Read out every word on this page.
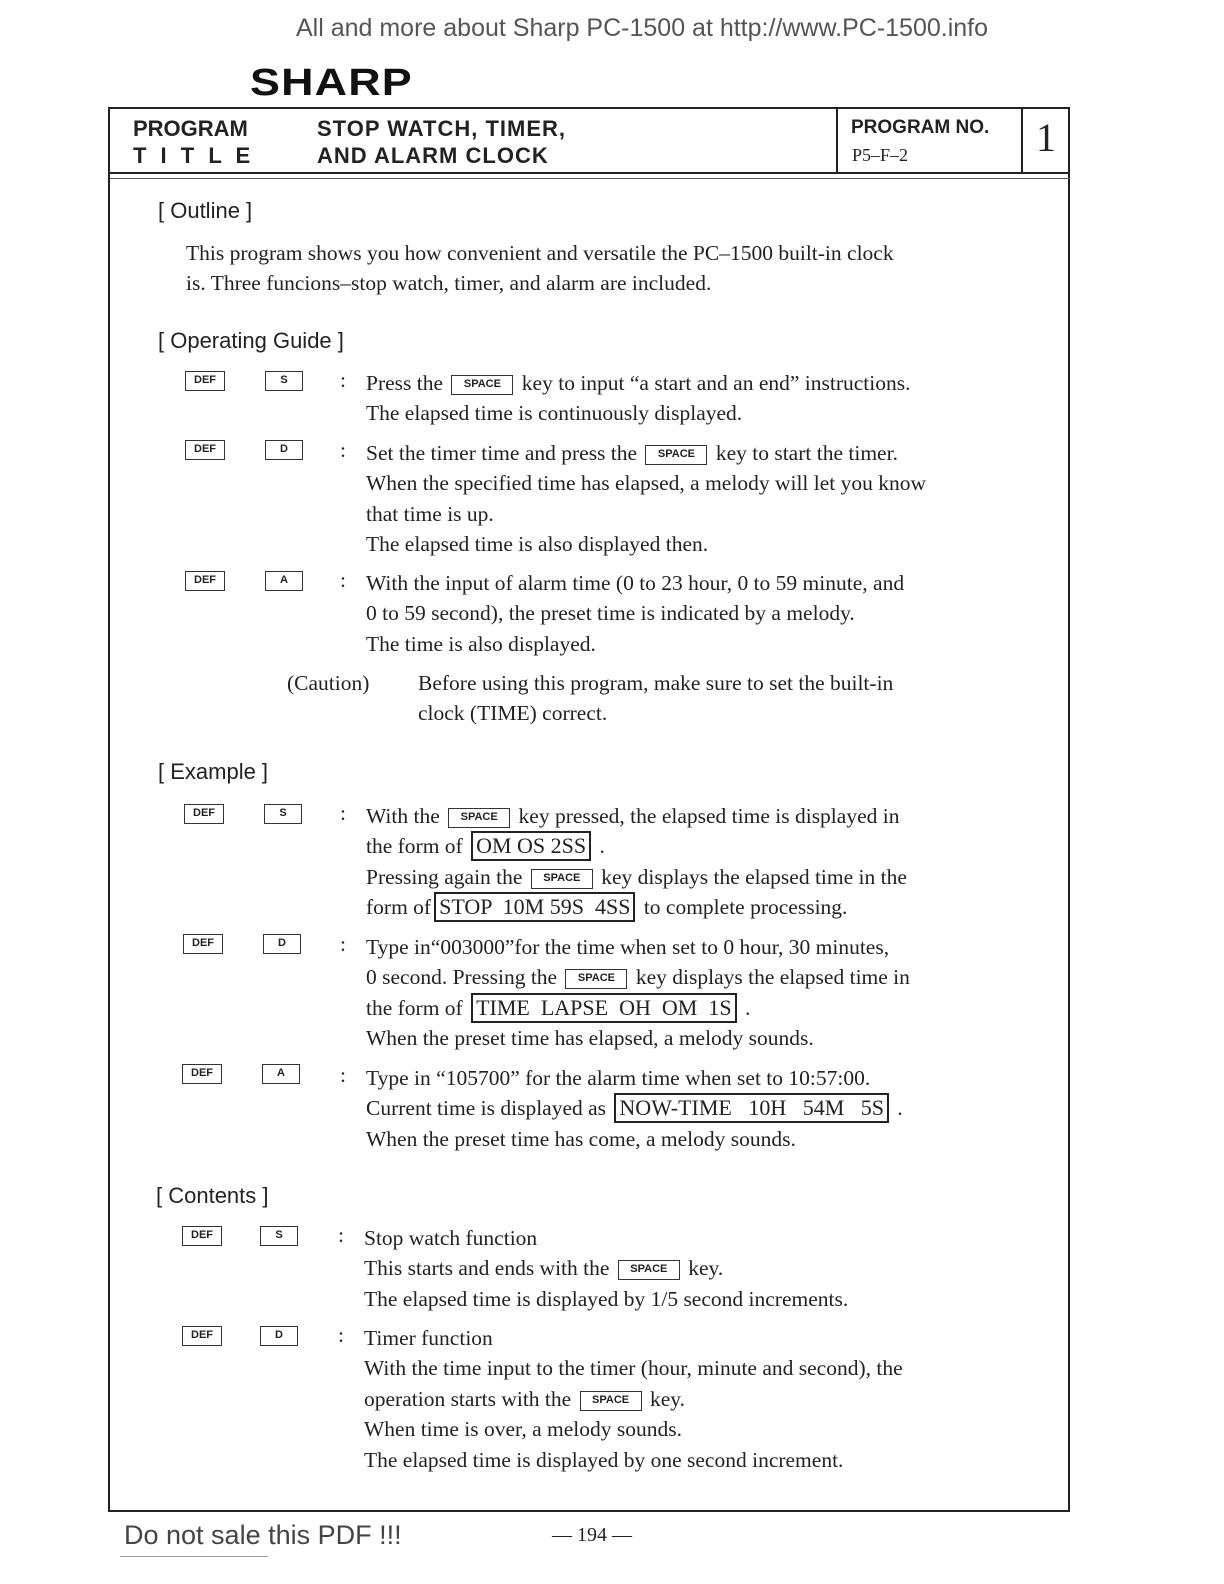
All and more about Sharp PC-1500 at http://www.PC-1500.info
SHARP
PROGRAM
T I T L E
STOP WATCH, TIMER,
AND ALARM CLOCK
PROGRAM NO.
P5–F–2	1
[ Outline ]
This program shows you how convenient and versatile the PC–1500 built-in clock
is. Three funcions–stop watch, timer, and alarm are included.
[ Operating Guide ]
DEF	S	: Press the SPACE key to input “a start and an end” instructions.
The elapsed time is continuously displayed.
DEF	D	: Set the timer time and press the SPACE key to start the timer.
When the specified time has elapsed, a melody will let you know
that time is up.
The elapsed time is also displayed then.
DEF	A	: With the input of alarm time (0 to 23 hour, 0 to 59 minute, and
0 to 59 second), the preset time is indicated by a melody.
The time is also displayed.
(Caution) Before using this program, make sure to set the built-in
clock (TIME) correct.
[ Example ]
DEF	S	: With the SPACE key pressed, the elapsed time is displayed in
the form of OM OS 2SS .
Pressing again the SPACE key displays the elapsed time in the
form of STOP  10M 59S  4SS to complete processing.
DEF	D	: Type in“003000”for the time when set to 0 hour, 30 minutes,
0 second. Pressing the SPACE key displays the elapsed time in
the form of TIME  LAPSE  OH  OM  1S .
When the preset time has elapsed, a melody sounds.
DEF	A	: Type in “105700” for the alarm time when set to 10:57:00.
Current time is displayed as NOW-TIME   10H   54M   5S .
When the preset time has come, a melody sounds.
[ Contents ]
DEF	S	: Stop watch function
This starts and ends with the SPACE key.
The elapsed time is displayed by 1/5 second increments.
DEF	D	: Timer function
With the time input to the timer (hour, minute and second), the
operation starts with the SPACE key.
When time is over, a melody sounds.
The elapsed time is displayed by one second increment.
Do not sale this PDF !!!	— 194 —
